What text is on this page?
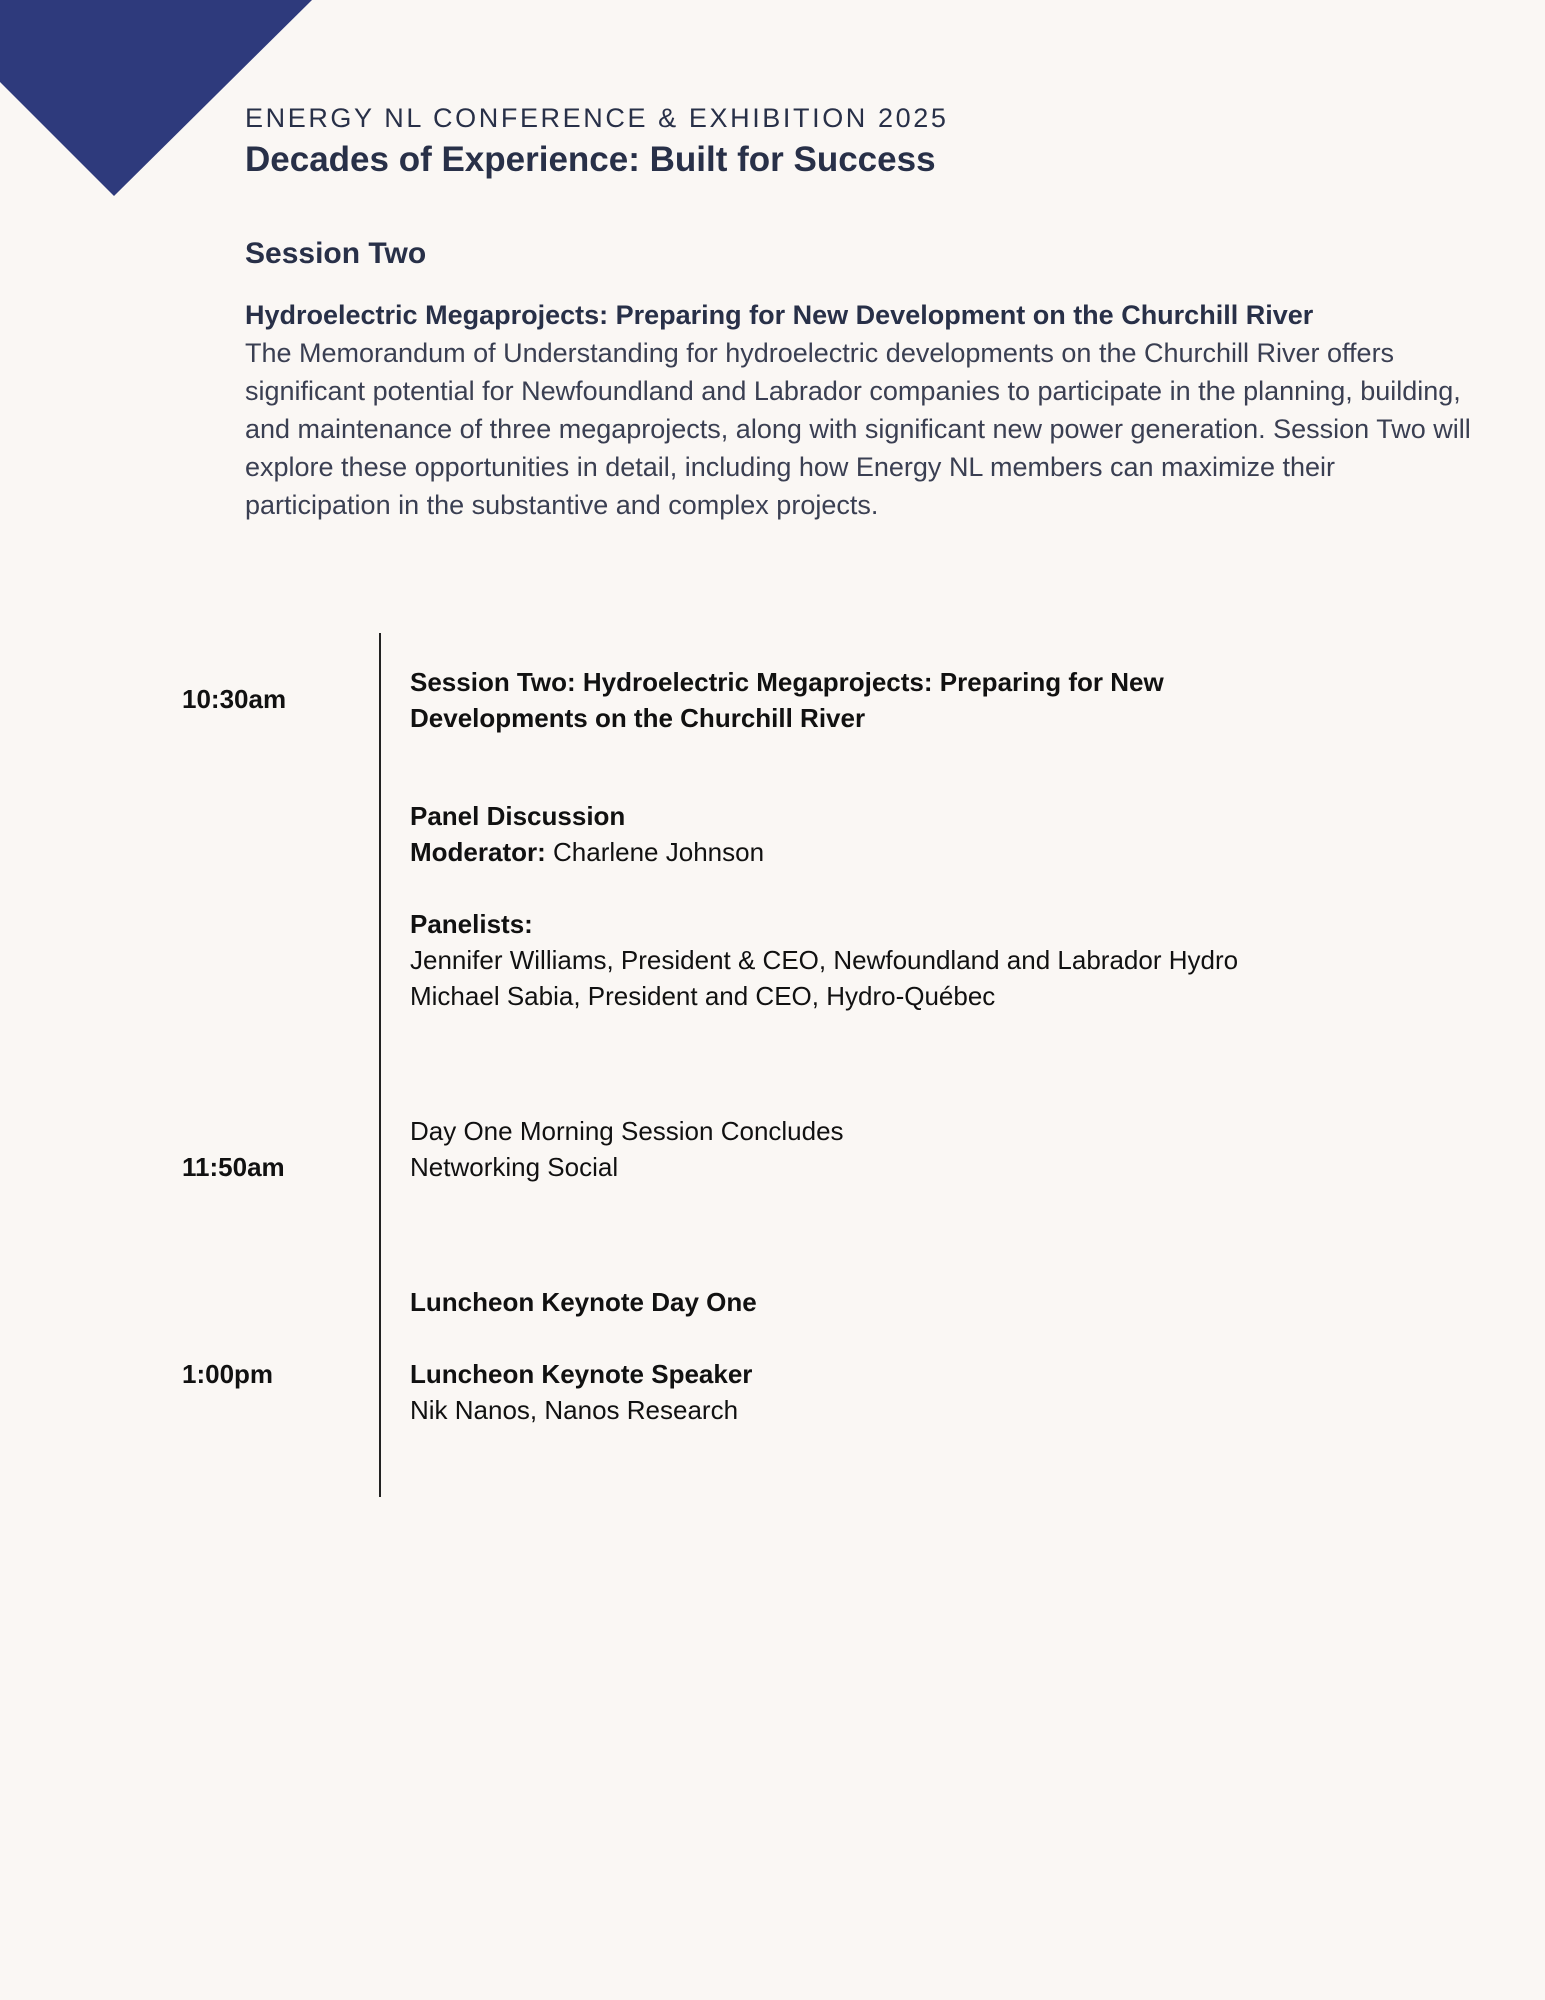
ENERGY NL CONFERENCE & EXHIBITION 2025
Decades of Experience: Built for Success
Session Two
Hydroelectric Megaprojects: Preparing for New Development on the Churchill River
The Memorandum of Understanding for hydroelectric developments on the Churchill River offers significant potential for Newfoundland and Labrador companies to participate in the planning, building, and maintenance of three megaprojects, along with significant new power generation. Session Two will explore these opportunities in detail, including how Energy NL members can maximize their participation in the substantive and complex projects.
10:30am
Session Two: Hydroelectric Megaprojects: Preparing for New
Developments on the Churchill River
Panel Discussion
Moderator: Charlene Johnson
Panelists:
Jennifer Williams, President & CEO, Newfoundland and Labrador Hydro
Michael Sabia, President and CEO, Hydro-Québec
11:50am
Day One Morning Session Concludes
Networking Social
1:00pm
Luncheon Keynote Day One
Luncheon Keynote Speaker
Nik Nanos, Nanos Research
